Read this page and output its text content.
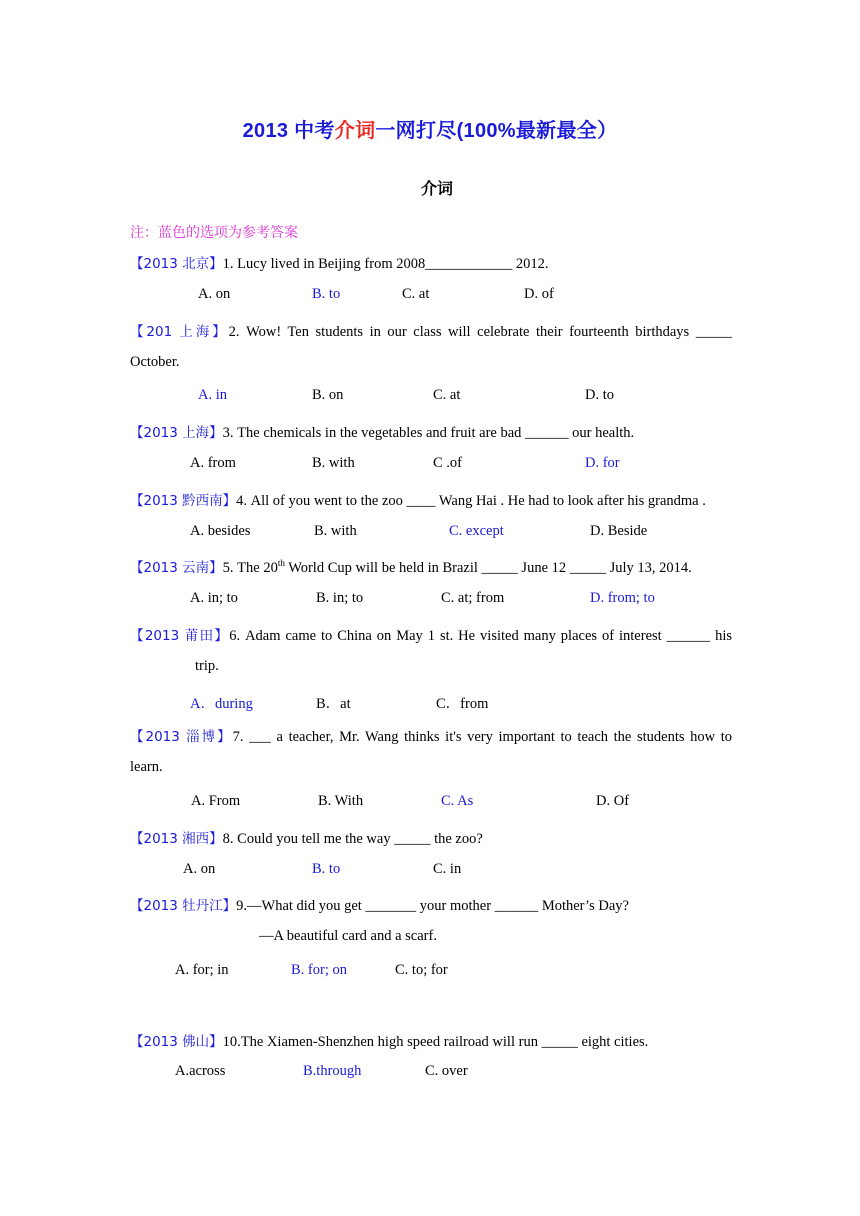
2013 中考介词一网打尽(100%最新最全）
介词
注：蓝色的选项为参考答案
【2013 北京】1. Lucy lived in Beijing from 2008____________ 2012.
A. on	B. to	C. at	D. of
【201 上海】2. Wow! Ten students in our class will celebrate their fourteenth birthdays _____
October.
A. in	B. on	C. at	D. to
【2013 上海】3. The chemicals in the vegetables and fruit are bad ______ our health.
A. from	B. with	C .of	D. for
【2013 黔西南】4. All of you went to the zoo ____ Wang Hai . He had to look after his grandma .
A. besides	B. with	C. except	D. Beside
【2013 云南】5. The 20th World Cup will be held in Brazil _____ June 12 _____ July 13, 2014.
A. in; to	B. in; to	C. at; from	D. from; to
【2013 莆田】6. Adam came to China on May 1 st. He visited many places of interest ______ his
trip.
A．during	B．at	C．from
【2013 淄博】7. ___ a teacher, Mr. Wang thinks it's very important to teach the students how to
learn.
A. From	B. With	C. As	D. Of
【2013 湘西】8. Could you tell me the way _____ the zoo?
A. on	B. to	C. in
【2013 牡丹江】9.—What did you get _______ your mother ______ Mother’s Day?
—A beautiful card and a scarf.
A. for; in	B. for; on	C. to; for
【2013 佛山】10.The Xiamen-Shenzhen high speed railroad will run _____ eight cities.
A.across	B.through	C. over
